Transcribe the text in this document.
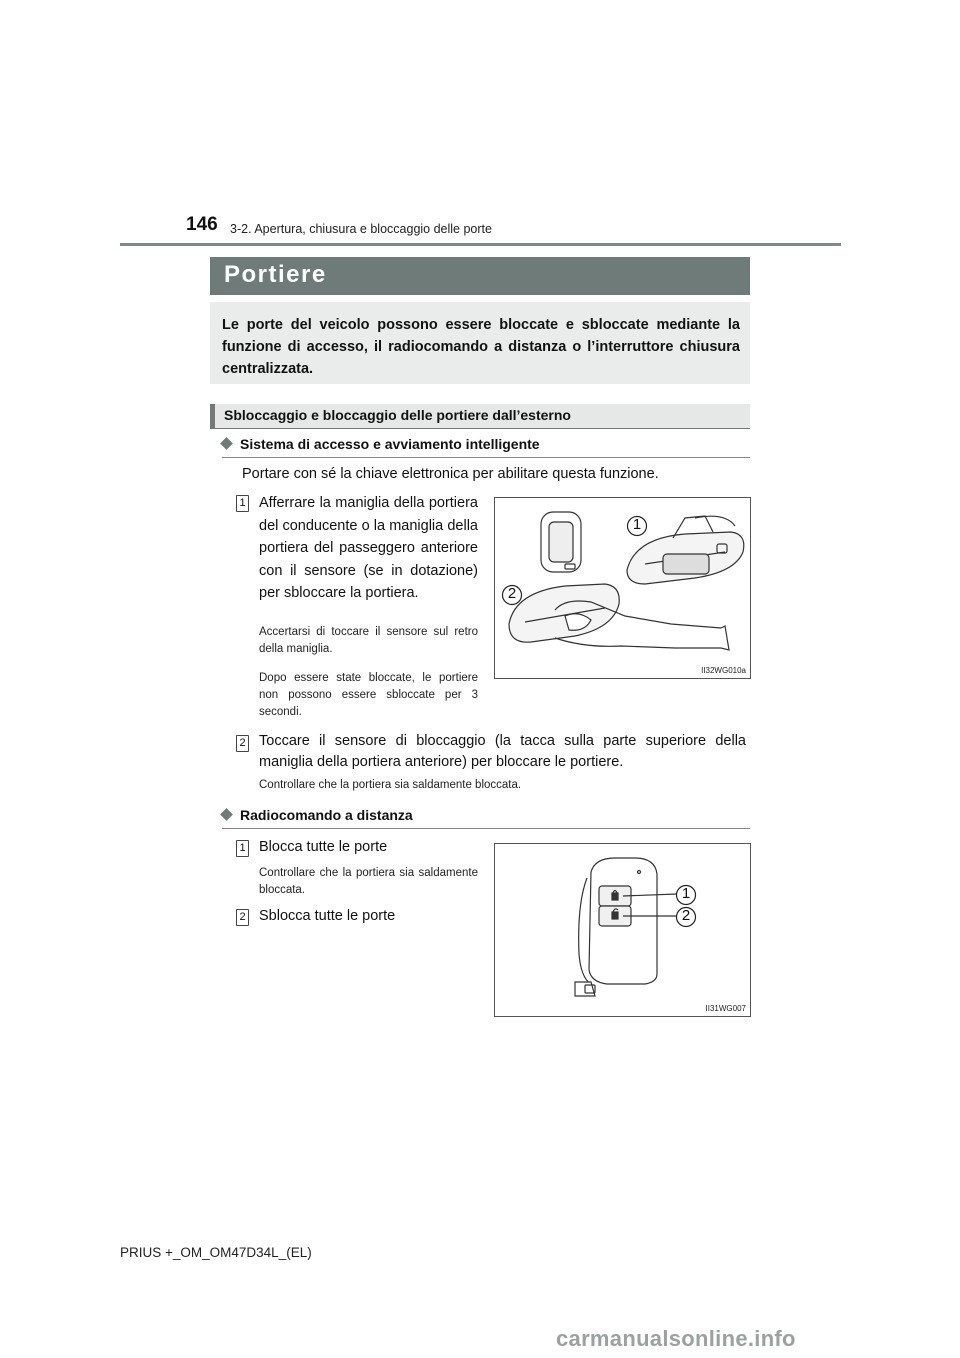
146 3-2. Apertura, chiusura e bloccaggio delle porte
Portiere
Le porte del veicolo possono essere bloccate e sbloccate mediante la funzione di accesso, il radiocomando a distanza o l’interruttore chiusura centralizzata.
Sbloccaggio e bloccaggio delle portiere dall’esterno
Sistema di accesso e avviamento intelligente
Portare con sé la chiave elettronica per abilitare questa funzione.
1 Afferrare la maniglia della portiera del conducente o la maniglia della portiera del passeggero anteriore con il sensore (se in dotazione) per sbloccare la portiera.
Accertarsi di toccare il sensore sul retro della maniglia.
Dopo essere state bloccate, le portiere non possono essere sbloccate per 3 secondi.
1
2
II32WG010a
2 Toccare il sensore di bloccaggio (la tacca sulla parte superiore della maniglia della portiera anteriore) per bloccare le portiere.
Controllare che la portiera sia saldamente bloccata.
Radiocomando a distanza
1 Blocca tutte le porte
Controllare che la portiera sia saldamente bloccata.
2 Sblocca tutte le porte
1
2
II31WG007
PRIUS +_OM_OM47D34L_(EL)
carmanualsonline.info
